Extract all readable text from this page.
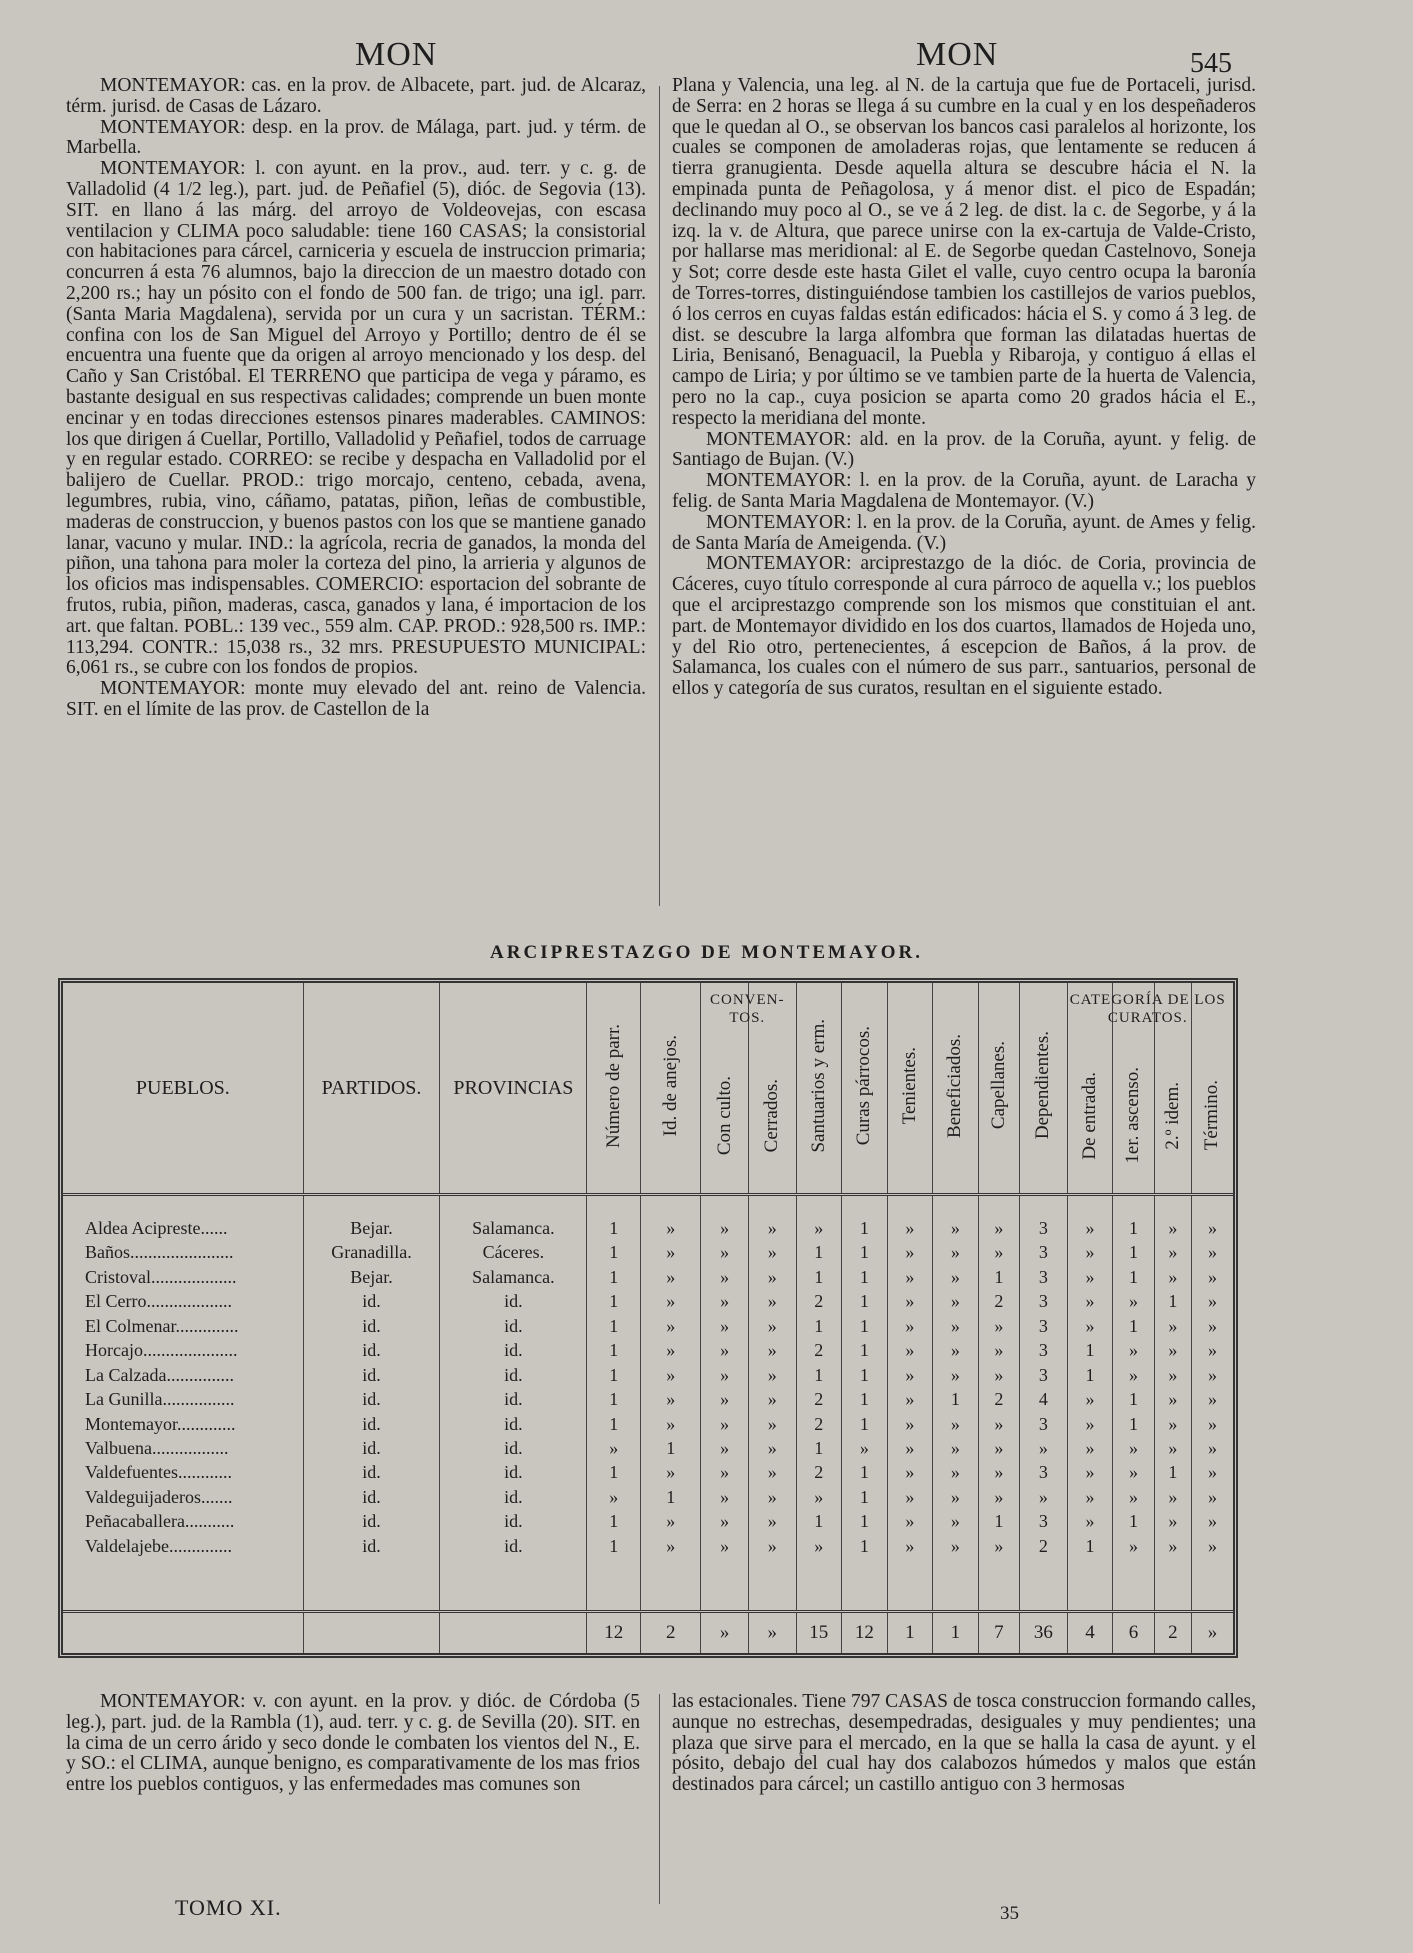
MON	MON	545

MONTEMAYOR: cas. en la prov. de Albacete, part. jud. de Alcaraz, térm. jurisd. de Casas de Lázaro.

MONTEMAYOR: desp. en la prov. de Málaga, part. jud. y térm. de Marbella.

MONTEMAYOR: l. con ayunt. en la prov., aud. terr. y c. g. de Valladolid (4 1/2 leg.), part. jud. de Peñafiel (5), dióc. de Segovia (13). SIT. en llano á las márg. del arroyo de Voldeovejas, con escasa ventilacion y CLIMA poco saludable: tiene 160 CASAS; la consistorial con habitaciones para cárcel, carniceria y escuela de instruccion primaria; concurren á esta 76 alumnos, bajo la direccion de un maestro dotado con 2,200 rs.; hay un pósito con el fondo de 500 fan. de trigo; una igl. parr. (Santa Maria Magdalena), servida por un cura y un sacristan. TÉRM.: confina con los de San Miguel del Arroyo y Portillo; dentro de él se encuentra una fuente que da origen al arroyo mencionado y los desp. del Caño y San Cristóbal. El TERRENO que participa de vega y páramo, es bastante desigual en sus respectivas calidades; comprende un buen monte encinar y en todas direcciones estensos pinares maderables. CAMINOS: los que dirigen á Cuellar, Portillo, Valladolid y Peñafiel, todos de carruage y en regular estado. CORREO: se recibe y despacha en Valladolid por el balijero de Cuellar. PROD.: trigo morcajo, centeno, cebada, avena, legumbres, rubia, vino, cáñamo, patatas, piñon, leñas de combustible, maderas de construccion, y buenos pastos con los que se mantiene ganado lanar, vacuno y mular. IND.: la agrícola, recria de ganados, la monda del piñon, una tahona para moler la corteza del pino, la arrieria y algunos de los oficios mas indispensables. COMERCIO: esportacion del sobrante de frutos, rubia, piñon, maderas, casca, ganados y lana, é importacion de los art. que faltan. POBL.: 139 vec., 559 alm. CAP. PROD.: 928,500 rs. IMP.: 113,294. CONTR.: 15,038 rs., 32 mrs. PRESUPUESTO MUNICIPAL: 6,061 rs., se cubre con los fondos de propios.

MONTEMAYOR: monte muy elevado del ant. reino de Valencia. SIT. en el límite de las prov. de Castellon de la

Plana y Valencia, una leg. al N. de la cartuja que fue de Portaceli, jurisd. de Serra: en 2 horas se llega á su cumbre en la cual y en los despeñaderos que le quedan al O., se observan los bancos casi paralelos al horizonte, los cuales se componen de amoladeras rojas, que lentamente se reducen á tierra granugienta. Desde aquella altura se descubre hácia el N. la empinada punta de Peñagolosa, y á menor dist. el pico de Espadán; declinando muy poco al O., se ve á 2 leg. de dist. la c. de Segorbe, y á la izq. la v. de Altura, que parece unirse con la ex-cartuja de Valde-Cristo, por hallarse mas meridional: al E. de Segorbe quedan Castelnovo, Soneja y Sot; corre desde este hasta Gilet el valle, cuyo centro ocupa la baronía de Torres-torres, distinguiéndose tambien los castillejos de varios pueblos, ó los cerros en cuyas faldas están edificados: hácia el S. y como á 3 leg. de dist. se descubre la larga alfombra que forman las dilatadas huertas de Liria, Benisanó, Benaguacil, la Puebla y Ribaroja, y contiguo á ellas el campo de Liria; y por último se ve tambien parte de la huerta de Valencia, pero no la cap., cuya posicion se aparta como 20 grados hácia el E., respecto la meridiana del monte.

MONTEMAYOR: ald. en la prov. de la Coruña, ayunt. y felig. de Santiago de Bujan. (V.)

MONTEMAYOR: l. en la prov. de la Coruña, ayunt. de Laracha y felig. de Santa Maria Magdalena de Montemayor. (V.)

MONTEMAYOR: l. en la prov. de la Coruña, ayunt. de Ames y felig. de Santa María de Ameigenda. (V.)

MONTEMAYOR: arciprestazgo de la dióc. de Coria, provincia de Cáceres, cuyo título corresponde al cura párroco de aquella v.; los pueblos que el arciprestazgo comprende son los mismos que constituian el ant. part. de Montemayor dividido en los dos cuartos, llamados de Hojeda uno, y del Rio otro, pertenecientes, á escepcion de Baños, á la prov. de Salamanca, los cuales con el número de sus parr., santuarios, personal de ellos y categoría de sus curatos, resultan en el siguiente estado.

ARCIPRESTAZGO DE MONTEMAYOR.
PUEBLOS.	PARTIDOS.	PROVINCIAS	Número de parr.	Id. de anejos.	CONVEN-TOS.
Con culto.	Cerrados.	Santuarios y erm.	Curas párrocos.	Tenientes.	Beneficiados.	Capellanes.	Dependientes.	CATEGORÍA DE LOS CURATOS.
De entrada.	1er. ascenso.	2.º idem.	Término.

Aldea Acipreste......	Bejar.	Salamanca.	1	»	»	»	»	1	»	»	»	3	»	1	»	»
Baños.......................	Granadilla.	Cáceres.	1	»	»	»	1	1	»	»	»	3	»	1	»	»
Cristoval...................	Bejar.	Salamanca.	1	»	»	»	1	1	»	»	1	3	»	1	»	»
El Cerro...................	id.	id.	1	»	»	»	2	1	»	»	2	3	»	»	1	»
El Colmenar..............	id.	id.	1	»	»	»	1	1	»	»	»	3	»	1	»	»
Horcajo.....................	id.	id.	1	»	»	»	2	1	»	»	»	3	1	»	»	»
La Calzada...............	id.	id.	1	»	»	»	1	1	»	»	»	3	1	»	»	»
La Gunilla................	id.	id.	1	»	»	»	2	1	»	1	2	4	»	1	»	»
Montemayor.............	id.	id.	1	»	»	»	2	1	»	»	»	3	»	1	»	»
Valbuena.................	id.	id.	»	1	»	»	1	»	»	»	»	»	»	»	»	»
Valdefuentes............	id.	id.	1	»	»	»	2	1	»	»	»	3	»	»	1	»
Valdeguijaderos.......	id.	id.	»	1	»	»	»	1	»	»	»	»	»	»	»	»
Peñacaballera...........	id.	id.	1	»	»	»	1	1	»	»	1	3	»	1	»	»
Valdelajebe..............	id.	id.	1	»	»	»	»	1	»	»	»	2	1	»	»	»

			12	2	»	»	15	12	1	1	7	36	4	6	2	»

MONTEMAYOR: v. con ayunt. en la prov. y dióc. de Córdoba (5 leg.), part. jud. de la Rambla (1), aud. terr. y c. g. de Sevilla (20). SIT. en la cima de un cerro árido y seco donde le combaten los vientos del N., E. y SO.: el CLIMA, aunque benigno, es comparativamente de los mas frios entre los pueblos contiguos, y las enfermedades mas comunes son

las estacionales. Tiene 797 CASAS de tosca construccion formando calles, aunque no estrechas, desempedradas, desiguales y muy pendientes; una plaza que sirve para el mercado, en la que se halla la casa de ayunt. y el pósito, debajo del cual hay dos calabozos húmedos y malos que están destinados para cárcel; un castillo antiguo con 3 hermosas

TOMO XI.	35
